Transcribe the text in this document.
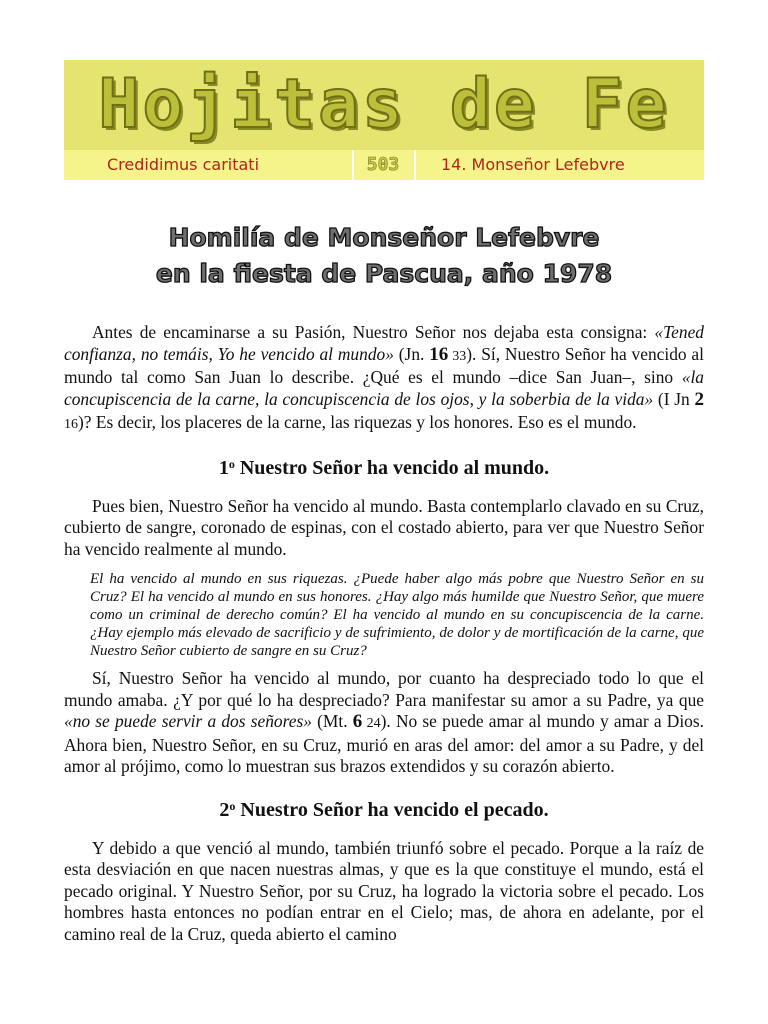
Hojitas de Fe
Credidimus caritati	503	14. Monseñor Lefebvre
Homilía de Monseñor Lefebvre
en la fiesta de Pascua, año 1978

Antes de encaminarse a su Pasión, Nuestro Señor nos dejaba esta consigna: «Tened confianza, no temáis, Yo he vencido al mundo» (Jn. 16 33). Sí, Nuestro Señor ha vencido al mundo tal como San Juan lo describe. ¿Qué es el mundo –dice San Juan–, sino «la concupiscencia de la carne, la concupiscencia de los ojos, y la soberbia de la vida» (I Jn 2 16)? Es decir, los placeres de la carne, las riquezas y los honores. Eso es el mundo.

1$^o$ Nuestro Señor ha vencido al mundo.

Pues bien, Nuestro Señor ha vencido al mundo. Basta contemplarlo clavado en su Cruz, cubierto de sangre, coronado de espinas, con el costado abierto, para ver que Nuestro Señor ha vencido realmente al mundo.

El ha vencido al mundo en sus riquezas. ¿Puede haber algo más pobre que Nuestro Señor en su Cruz? El ha vencido al mundo en sus honores. ¿Hay algo más humilde que Nuestro Señor, que muere como un criminal de derecho común? El ha vencido al mundo en su concupiscencia de la carne. ¿Hay ejemplo más elevado de sacrificio y de sufrimiento, de dolor y de mortificación de la carne, que Nuestro Señor cubierto de sangre en su Cruz?

Sí, Nuestro Señor ha vencido al mundo, por cuanto ha despreciado todo lo que el mundo amaba. ¿Y por qué lo ha despreciado? Para manifestar su amor a su Padre, ya que «no se puede servir a dos señores» (Mt. 6 24). No se puede amar al mundo y amar a Dios. Ahora bien, Nuestro Señor, en su Cruz, murió en aras del amor: del amor a su Padre, y del amor al prójimo, como lo muestran sus brazos extendidos y su corazón abierto.

2$^o$ Nuestro Señor ha vencido el pecado.

Y debido a que venció al mundo, también triunfó sobre el pecado. Porque a la raíz de esta desviación en que nacen nuestras almas, y que es la que constituye el mundo, está el pecado original. Y Nuestro Señor, por su Cruz, ha logrado la victoria sobre el pecado. Los hombres hasta entonces no podían entrar en el Cielo; mas, de ahora en adelante, por el camino real de la Cruz, queda abierto el camino
